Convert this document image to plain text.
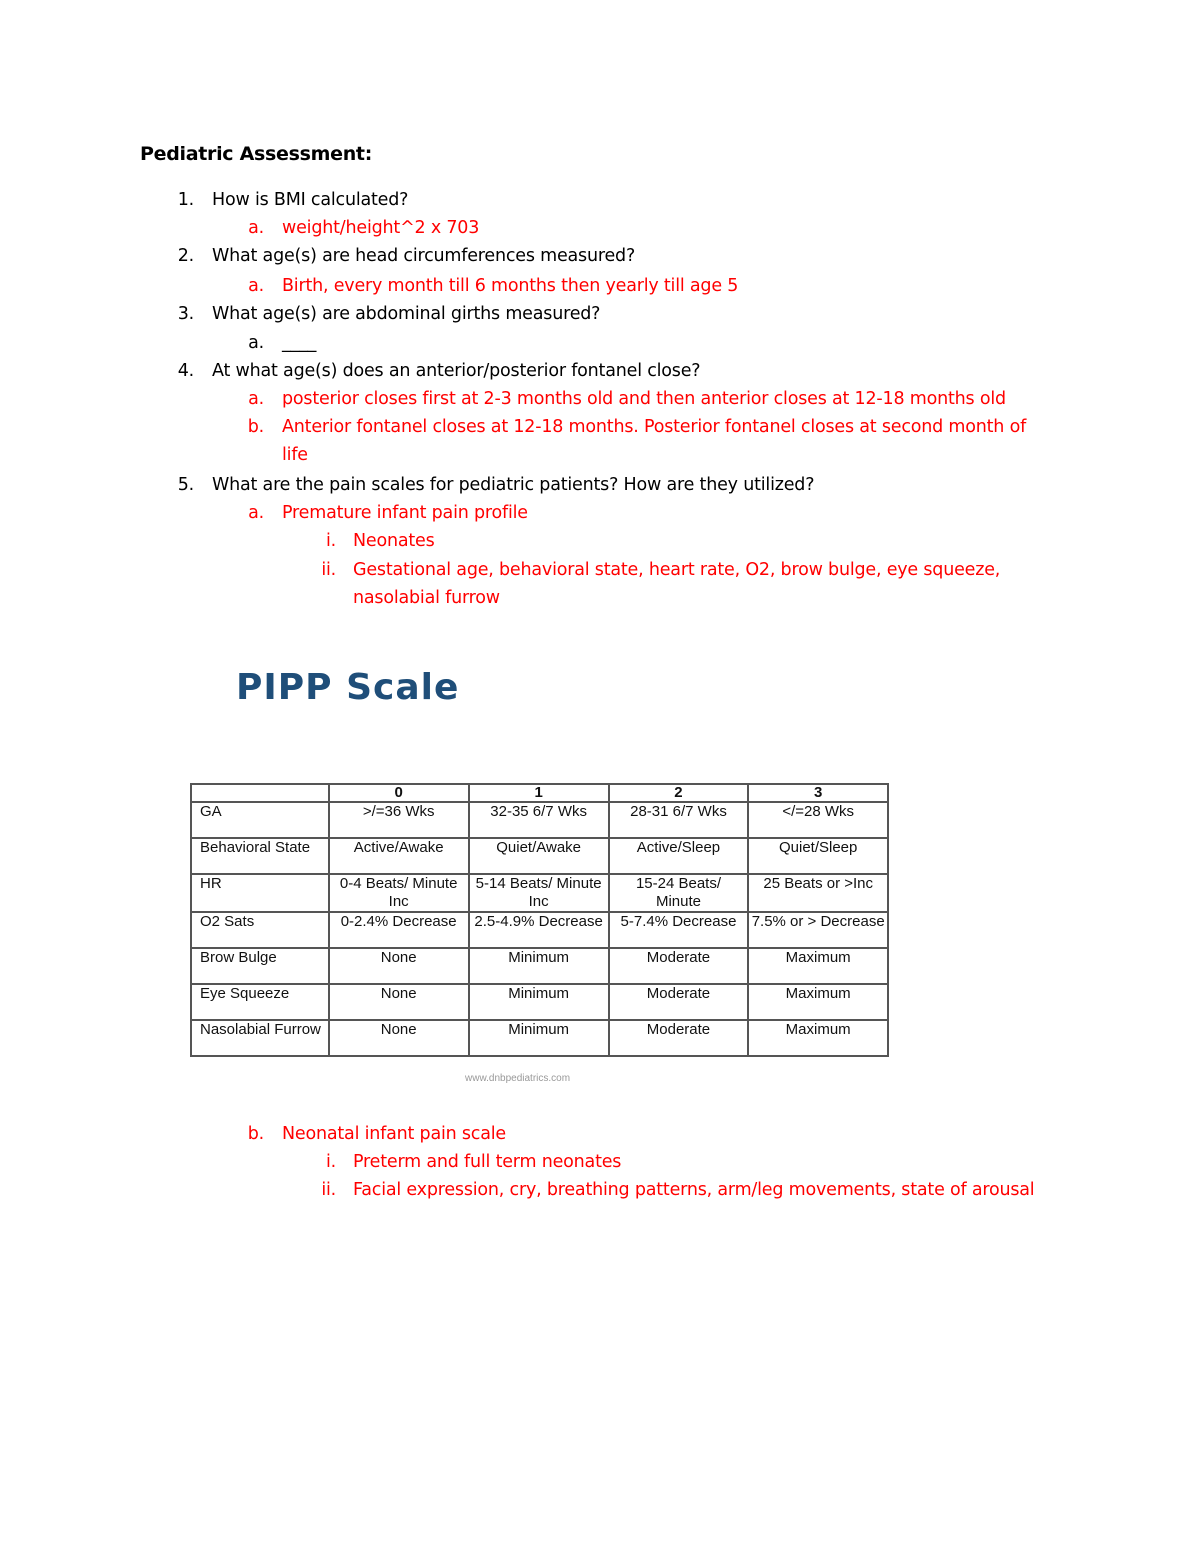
Pediatric Assessment:
1. How is BMI calculated?
a. weight/height^2 x 703
2. What age(s) are head circumferences measured?
a. Birth, every month till 6 months then yearly till age 5
3. What age(s) are abdominal girths measured?
a. ____
4. At what age(s) does an anterior/posterior fontanel close?
a. posterior closes first at 2-3 months old and then anterior closes at 12-18 months old
b. Anterior fontanel closes at 12-18 months. Posterior fontanel closes at second month of
life
5. What are the pain scales for pediatric patients? How are they utilized?
a. Premature infant pain profile
i. Neonates
ii. Gestational age, behavioral state, heart rate, O2, brow bulge, eye squeeze,
nasolabial furrow
PIPP Scale
	0	1	2	3
GA	>/=36 Wks	32-35 6/7 Wks	28-31 6/7 Wks	</=28 Wks
Behavioral State	Active/Awake	Quiet/Awake	Active/Sleep	Quiet/Sleep
HR	0-4 Beats/ Minute Inc	5-14 Beats/ Minute Inc	15-24 Beats/ Minute	25 Beats or >Inc
O2 Sats	0-2.4% Decrease	2.5-4.9% Decrease	5-7.4% Decrease	7.5% or > Decrease
Brow Bulge	None	Minimum	Moderate	Maximum
Eye Squeeze	None	Minimum	Moderate	Maximum
Nasolabial Furrow	None	Minimum	Moderate	Maximum
www.dnbpediatrics.com
b. Neonatal infant pain scale
i. Preterm and full term neonates
ii. Facial expression, cry, breathing patterns, arm/leg movements, state of arousal
